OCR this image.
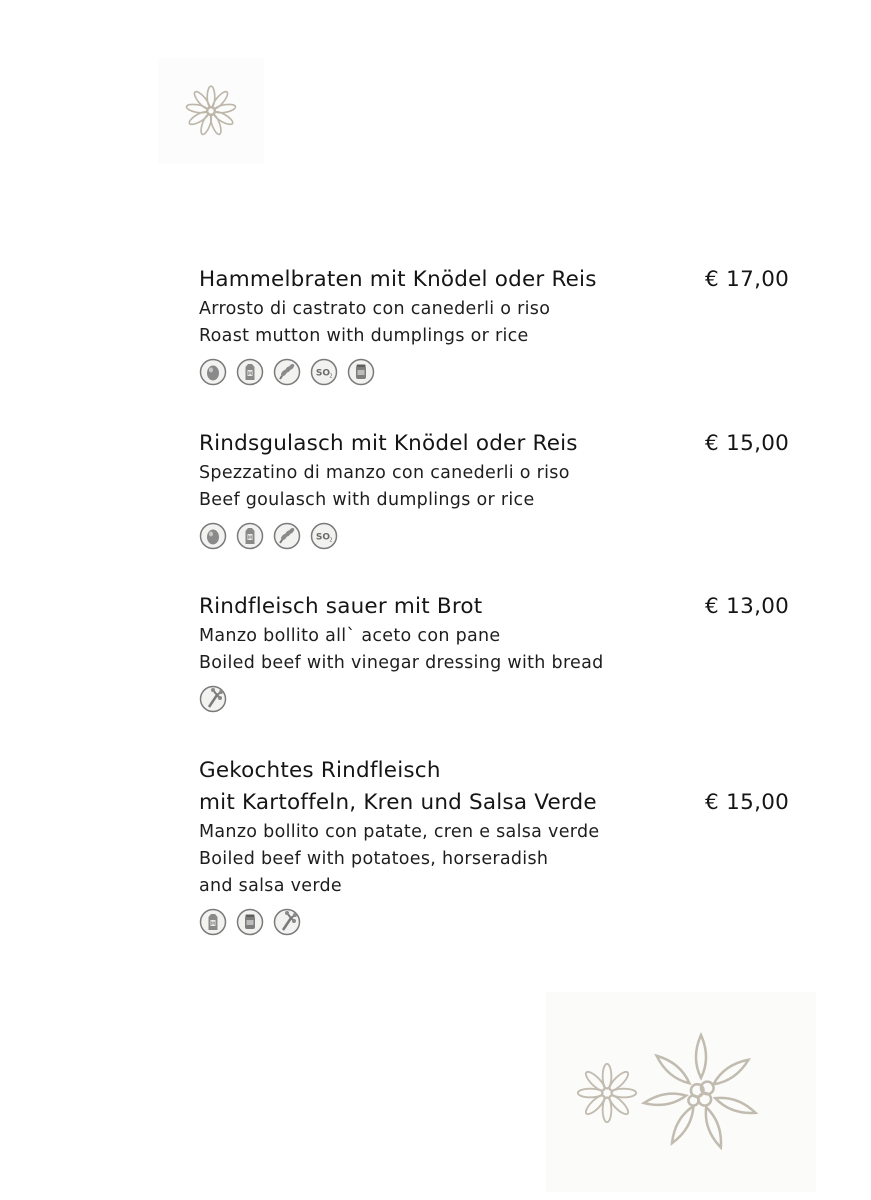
Hammelbraten mit Knödel oder Reis
Arrosto di castrato con canederli o riso
Roast mutton with dumplings or rice
M	SO 2
€ 17,00
Rindsgulasch mit Knödel oder Reis
Spezzatino di manzo con canederli o riso
Beef goulasch with dumplings or rice
M	SO 2
€ 15,00
Rindfleisch sauer mit Brot
Manzo bollito all` aceto con pane
Boiled beef with vinegar dressing with bread
€ 13,00
Gekochtes Rindfleisch
mit Kartoffeln, Kren und Salsa Verde
Manzo bollito con patate, cren e salsa verde
Boiled beef with potatoes, horseradish
and salsa verde
M
€ 15,00
